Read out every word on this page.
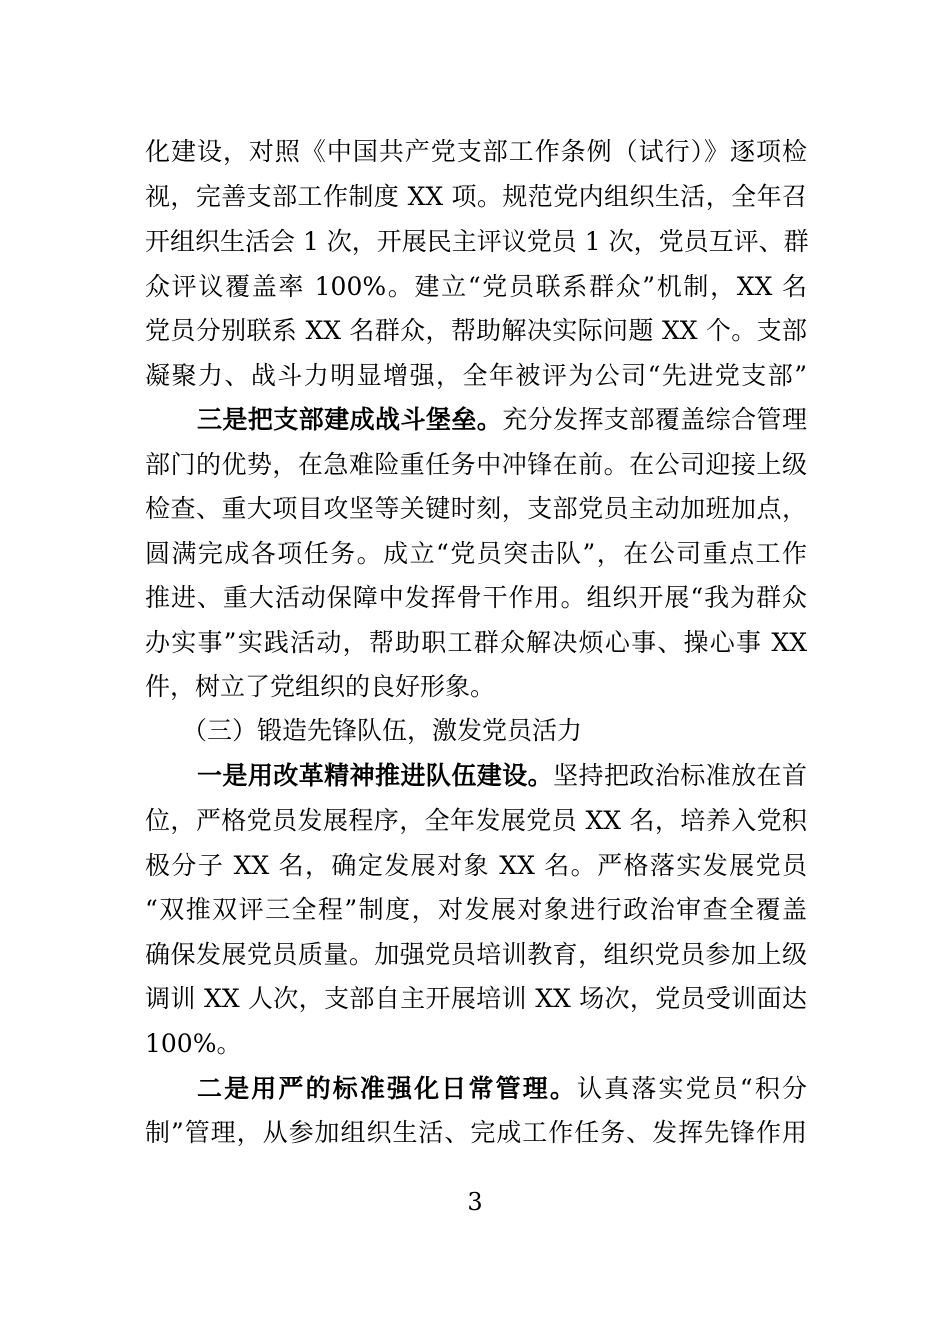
化建设，对照《中国共产党支部工作条例（试行）》逐项检
视，完善支部工作制度 XX 项。规范党内组织生活，全年召
开组织生活会 1 次，开展民主评议党员 1 次，党员互评、群
众评议覆盖率 100%。建立“党员联系群众”机制，XX 名
党员分别联系 XX 名群众，帮助解决实际问题 XX 个。支部
凝聚力、战斗力明显增强，全年被评为公司“先进党支部”
三是把支部建成战斗堡垒。充分发挥支部覆盖综合管理
部门的优势，在急难险重任务中冲锋在前。在公司迎接上级
检查、重大项目攻坚等关键时刻，支部党员主动加班加点，
圆满完成各项任务。成立“党员突击队”，在公司重点工作
推进、重大活动保障中发挥骨干作用。组织开展“我为群众
办实事”实践活动，帮助职工群众解决烦心事、操心事 XX
件，树立了党组织的良好形象。
（三）锻造先锋队伍，激发党员活力
一是用改革精神推进队伍建设。坚持把政治标准放在首
位，严格党员发展程序，全年发展党员 XX 名，培养入党积
极分子 XX 名，确定发展对象 XX 名。严格落实发展党员
“双推双评三全程”制度，对发展对象进行政治审查全覆盖
确保发展党员质量。加强党员培训教育，组织党员参加上级
调训 XX 人次，支部自主开展培训 XX 场次，党员受训面达
100%。
二是用严的标准强化日常管理。认真落实党员“积分
制”管理，从参加组织生活、完成工作任务、发挥先锋作用
3
